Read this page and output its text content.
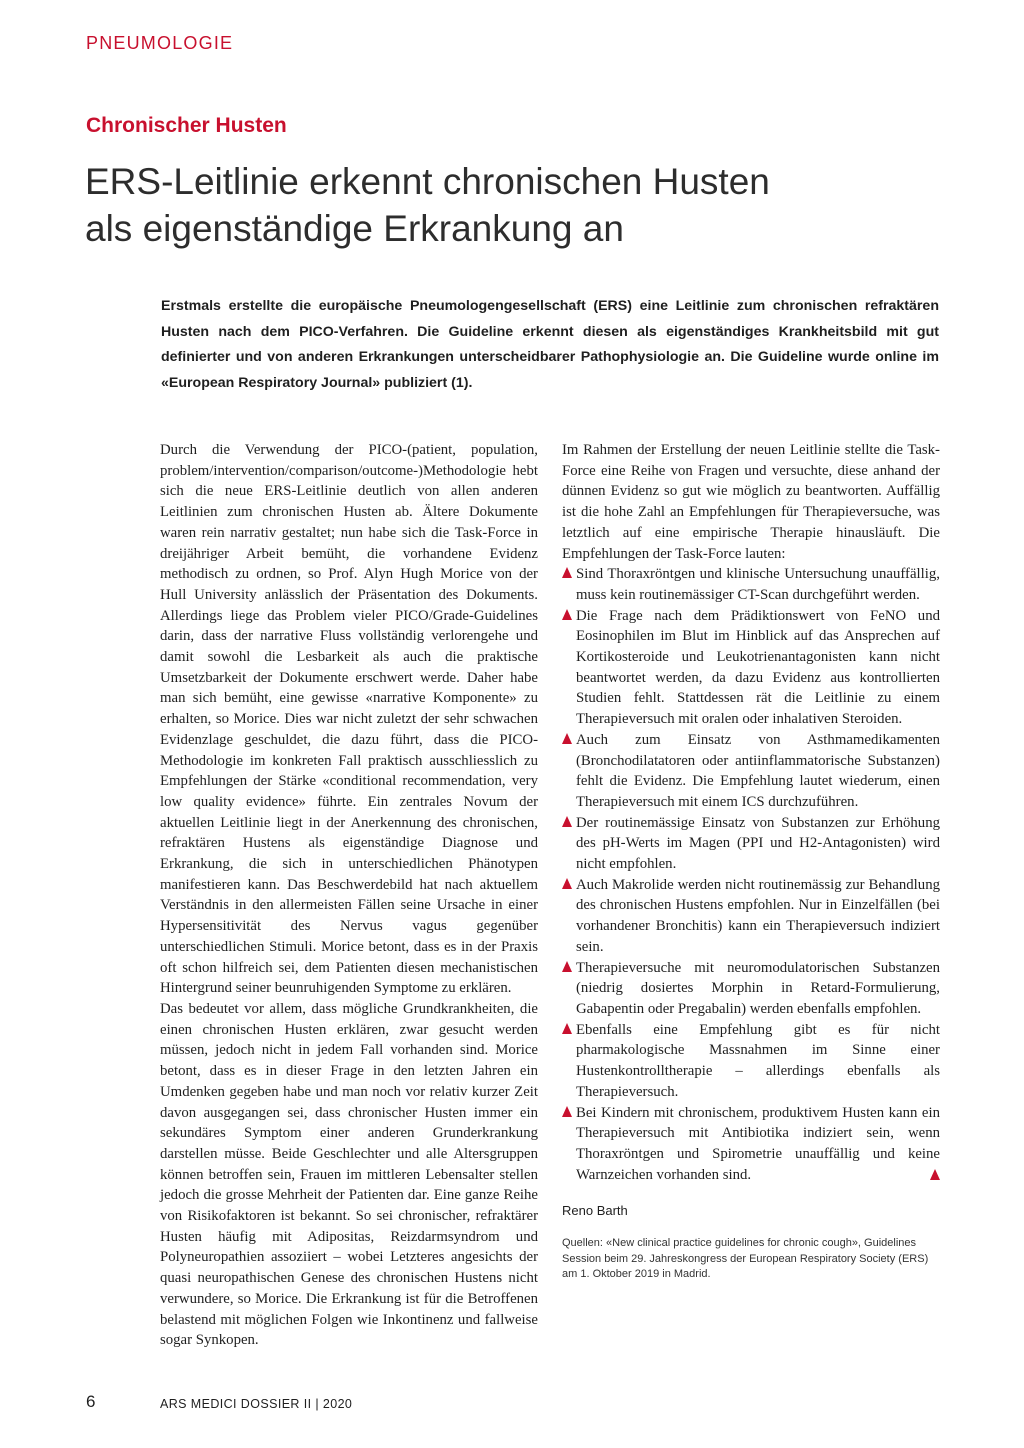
PNEUMOLOGIE
Chronischer Husten
ERS-Leitlinie erkennt chronischen Husten
als eigenständige Erkrankung an

Erstmals erstellte die europäische Pneumologengesellschaft (ERS) eine Leitlinie zum chronischen refraktären Husten nach dem PICO-Verfahren. Die Guideline erkennt diesen als eigenständiges Krankheitsbild mit gut definierter und von anderen Erkrankungen unterscheidbarer Pathophysiologie an. Die Guideline wurde online im «European Respiratory Journal» publiziert (1).

Durch die Verwendung der PICO-(patient, population, problem/intervention/comparison/outcome-)Methodologie hebt sich die neue ERS-Leitlinie deutlich von allen anderen Leitlinien zum chronischen Husten ab. Ältere Dokumente waren rein narrativ gestaltet; nun habe sich die Task-Force in dreijähriger Arbeit bemüht, die vorhandene Evidenz methodisch zu ordnen, so Prof. Alyn Hugh Morice von der Hull University anlässlich der Präsentation des Dokuments. Allerdings liege das Problem vieler PICO/Grade-Guidelines darin, dass der narrative Fluss vollständig verlorengehe und damit sowohl die Lesbarkeit als auch die praktische Umsetzbarkeit der Dokumente erschwert werde. Daher habe man sich bemüht, eine gewisse «narrative Komponente» zu erhalten, so Morice. Dies war nicht zuletzt der sehr schwachen Evidenzlage geschuldet, die dazu führt, dass die PICO-Methodologie im konkreten Fall praktisch ausschliesslich zu Empfehlungen der Stärke «conditional recommendation, very low quality evidence» führte. Ein zentrales Novum der aktuellen Leitlinie liegt in der Anerkennung des chronischen, refraktären Hustens als eigenständige Diagnose und Erkrankung, die sich in unterschiedlichen Phänotypen manifestieren kann. Das Beschwerdebild hat nach aktuellem Verständnis in den allermeisten Fällen seine Ursache in einer Hypersensitivität des Nervus vagus gegenüber unterschiedlichen Stimuli. Morice betont, dass es in der Praxis oft schon hilfreich sei, dem Patienten diesen mechanistischen Hintergrund seiner beunruhigenden Symptome zu erklären.

Das bedeutet vor allem, dass mögliche Grundkrankheiten, die einen chronischen Husten erklären, zwar gesucht werden müssen, jedoch nicht in jedem Fall vorhanden sind. Morice betont, dass es in dieser Frage in den letzten Jahren ein Umdenken gegeben habe und man noch vor relativ kurzer Zeit davon ausgegangen sei, dass chronischer Husten immer ein sekundäres Symptom einer anderen Grunderkrankung darstellen müsse. Beide Geschlechter und alle Altersgruppen können betroffen sein, Frauen im mittleren Lebensalter stellen jedoch die grosse Mehrheit der Patienten dar. Eine ganze Reihe von Risikofaktoren ist bekannt. So sei chronischer, refraktärer Husten häufig mit Adipositas, Reizdarmsyndrom und Polyneuropathien assoziiert – wobei Letzteres angesichts der quasi neuropathischen Genese des chronischen Hustens nicht verwundere, so Morice. Die Erkrankung ist für die Betroffenen belastend mit möglichen Folgen wie Inkontinenz und fallweise sogar Synkopen.

Im Rahmen der Erstellung der neuen Leitlinie stellte die Task-Force eine Reihe von Fragen und versuchte, diese anhand der dünnen Evidenz so gut wie möglich zu beantworten. Auffällig ist die hohe Zahl an Empfehlungen für Therapieversuche, was letztlich auf eine empirische Therapie hinausläuft. Die Empfehlungen der Task-Force lauten:

Sind Thoraxröntgen und klinische Untersuchung unauffällig, muss kein routinemässiger CT-Scan durchgeführt werden.
Die Frage nach dem Prädiktionswert von FeNO und Eosinophilen im Blut im Hinblick auf das Ansprechen auf Kortikosteroide und Leukotrienantagonisten kann nicht beantwortet werden, da dazu Evidenz aus kontrollierten Studien fehlt. Stattdessen rät die Leitlinie zu einem Therapieversuch mit oralen oder inhalativen Steroiden.
Auch zum Einsatz von Asthmamedikamenten (Bronchodilatatoren oder antiinflammatorische Substanzen) fehlt die Evidenz. Die Empfehlung lautet wiederum, einen Therapieversuch mit einem ICS durchzuführen.
Der routinemässige Einsatz von Substanzen zur Erhöhung des pH-Werts im Magen (PPI und H2-Antagonisten) wird nicht empfohlen.
Auch Makrolide werden nicht routinemässig zur Behandlung des chronischen Hustens empfohlen. Nur in Einzelfällen (bei vorhandener Bronchitis) kann ein Therapieversuch indiziert sein.
Therapieversuche mit neuromodulatorischen Substanzen (niedrig dosiertes Morphin in Retard-Formulierung, Gabapentin oder Pregabalin) werden ebenfalls empfohlen.
Ebenfalls eine Empfehlung gibt es für nicht pharmakologische Massnahmen im Sinne einer Hustenkontrolltherapie – allerdings ebenfalls als Therapieversuch.
Bei Kindern mit chronischem, produktivem Husten kann ein Therapieversuch mit Antibiotika indiziert sein, wenn Thoraxröntgen und Spirometrie unauffällig und keine Warnzeichen vorhanden sind.
Reno Barth

Quellen: «New clinical practice guidelines for chronic cough», Guidelines Session beim 29. Jahreskongress der European Respiratory Society (ERS) am 1. Oktober 2019 in Madrid.

6	ARS MEDICI DOSSIER II | 2020
